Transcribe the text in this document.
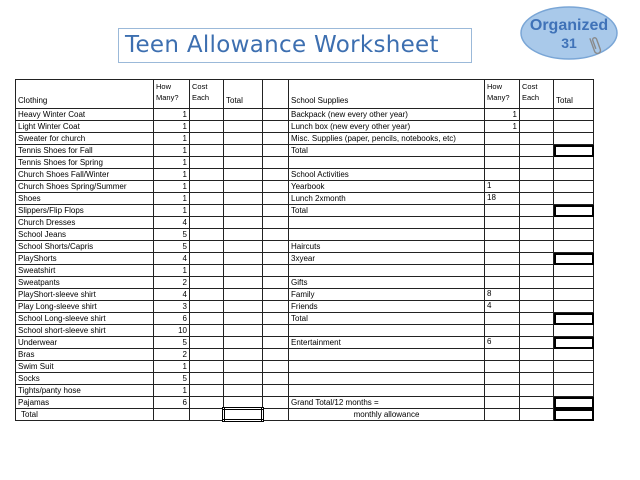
Teen Allowance Worksheet
Organized
31
Clothing	How Many?	Cost Each	Total		School Supplies	How Many?	Cost Each	Total
Heavy Winter Coat	1				Backpack (new every other year)	1		
Light Winter Coat	1				Lunch box (new every other year)	1		
Sweater for church	1				Misc. Supplies (paper, pencils, notebooks, etc)			
Tennis Shoes for Fall	1				Total			
Tennis Shoes for Spring	1							
Church Shoes Fall/Winter	1				School Activities			
Church Shoes Spring/Summer	1				Yearbook	1		
Shoes	1				Lunch 2xmonth	18		
Slippers/Flip Flops	1				Total			
Church Dresses	4							
School Jeans	5							
School Shorts/Capris	5				Haircuts			
PlayShorts	4				3xyear			
Sweatshirt	1							
Sweatpants	2				Gifts			
PlayShort-sleeve shirt	4				Family	8		
Play Long-sleeve shirt	3				Friends	4		
School Long-sleeve shirt	6				Total			
School short-sleeve shirt	10							
Underwear	5				Entertainment	6		
Bras	2							
Swim Suit	1							
Socks	5							
Tights/panty hose	1							
Pajamas	6				Grand Total/12 months =			
Total					monthly allowance			
